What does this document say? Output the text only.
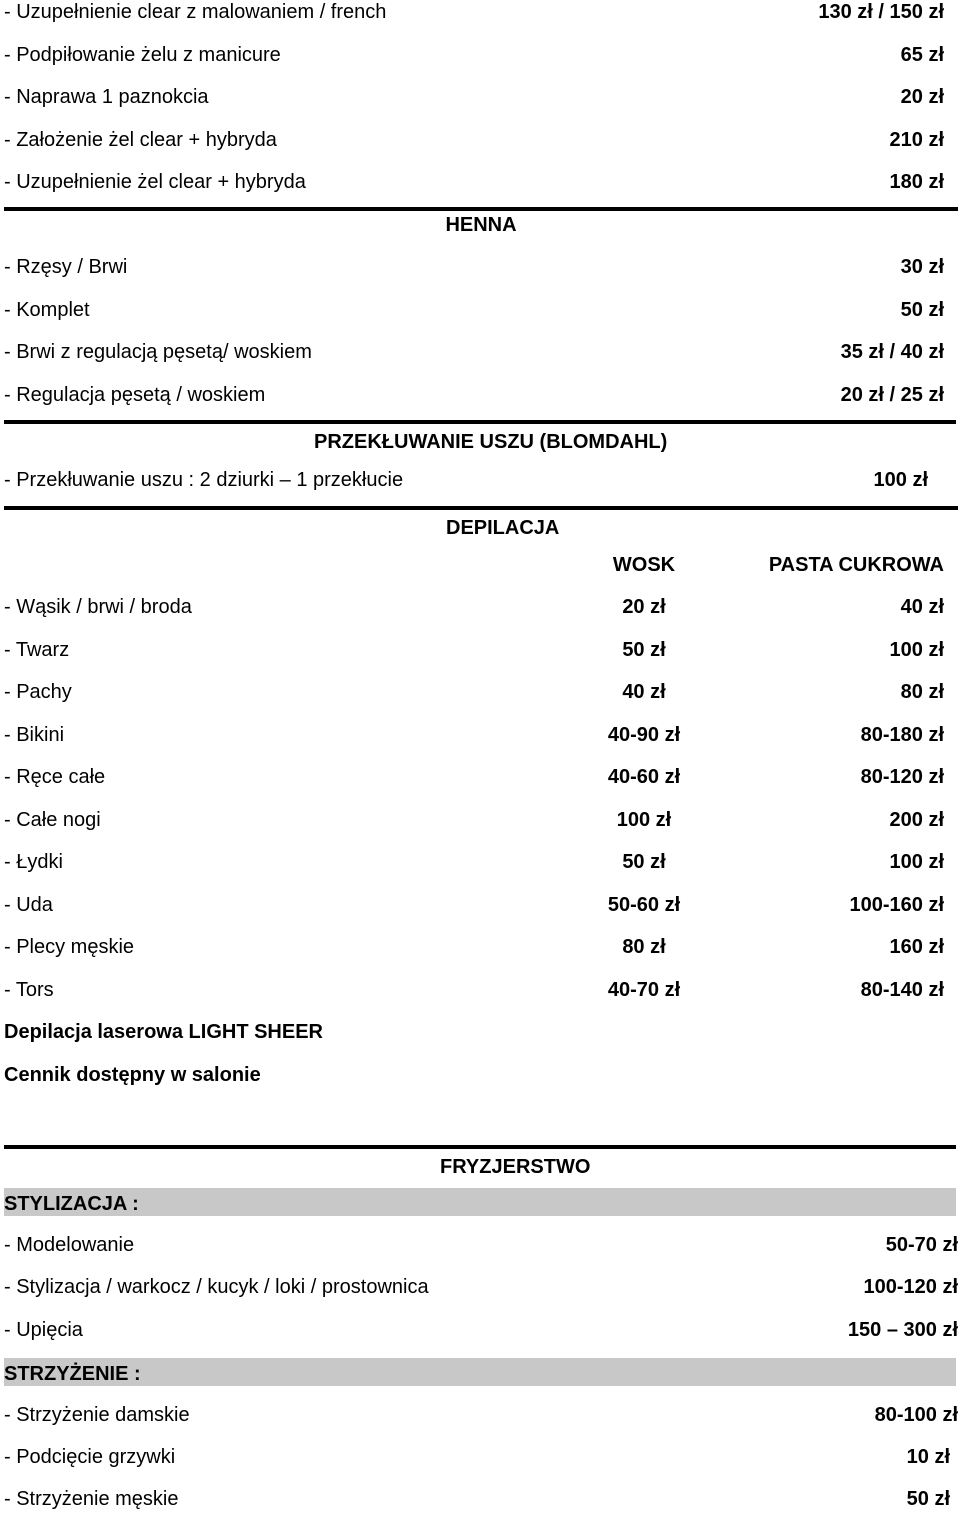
- Uzupełnienie clear z malowaniem / french	130 zł / 150 zł
- Podpiłowanie żelu z manicure	65 zł
- Naprawa 1 paznokcia	20 zł
- Założenie żel clear + hybryda	210 zł
- Uzupełnienie żel clear + hybryda	180 zł
HENNA
- Rzęsy / Brwi	30 zł
- Komplet	50 zł
- Brwi z regulacją pęsetą/ woskiem	35 zł / 40 zł
- Regulacja pęsetą / woskiem	20 zł / 25 zł
PRZEKŁUWANIE USZU (BLOMDAHL)
- Przekłuwanie uszu : 2 dziurki – 1 przekłucie	100 zł
DEPILACJA
WOSK	PASTA CUKROWA
- Wąsik / brwi / broda	20 zł	40 zł
- Twarz	50 zł	100 zł
- Pachy	40 zł	80 zł
- Bikini	40-90 zł	80-180 zł
- Ręce całe	40-60 zł	80-120 zł
- Całe nogi	100 zł	200 zł
- Łydki	50 zł	100 zł
- Uda	50-60 zł	100-160 zł
- Plecy męskie	80 zł	160 zł
- Tors	40-70 zł	80-140 zł
Depilacja laserowa LIGHT SHEER
Cennik dostępny w salonie
FRYZJERSTWO
STYLIZACJA :
- Modelowanie	50-70 zł
- Stylizacja / warkocz / kucyk / loki / prostownica	100-120 zł
- Upięcia	150 – 300 zł
STRZYŻENIE :
- Strzyżenie damskie	80-100 zł
- Podcięcie grzywki	10 zł
- Strzyżenie męskie	50 zł
